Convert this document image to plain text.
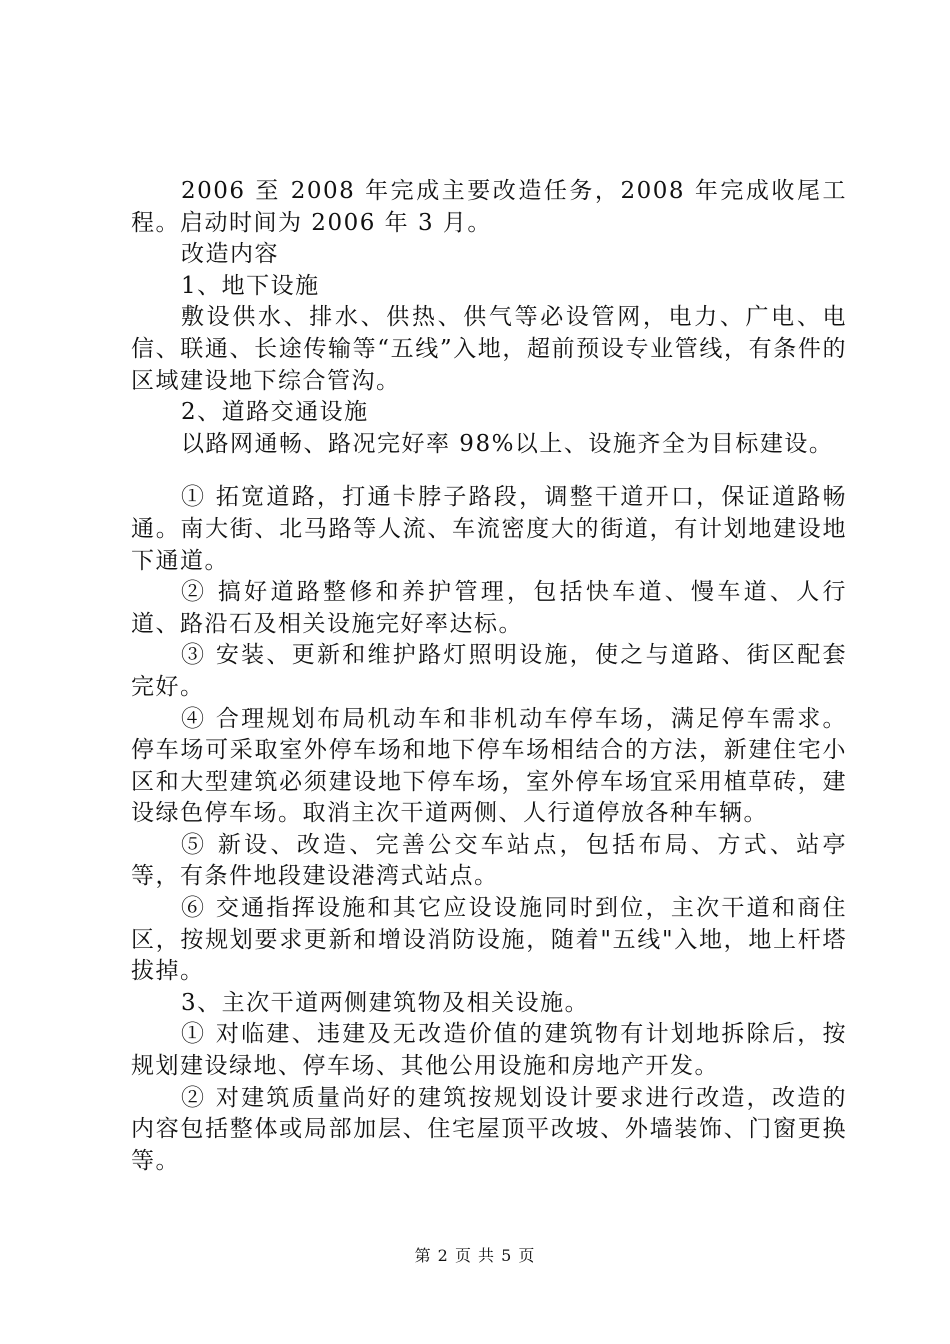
2006 至 2008 年完成主要改造任务，2008 年完成收尾工程。启动时间为 2006 年 3 月。

改造内容

1、地下设施

敷设供水、排水、供热、供气等必设管网，电力、广电、电信、联通、长途传输等“五线”入地，超前预设专业管线，有条件的区域建设地下综合管沟。

2、道路交通设施

以路网通畅、路况完好率 98%以上、设施齐全为目标建设。

① 拓宽道路，打通卡脖子路段，调整干道开口，保证道路畅通。南大街、北马路等人流、车流密度大的街道，有计划地建设地下通道。

② 搞好道路整修和养护管理，包括快车道、慢车道、人行道、路沿石及相关设施完好率达标。

③ 安装、更新和维护路灯照明设施，使之与道路、街区配套完好。

④ 合理规划布局机动车和非机动车停车场，满足停车需求。停车场可采取室外停车场和地下停车场相结合的方法，新建住宅小区和大型建筑必须建设地下停车场，室外停车场宜采用植草砖，建设绿色停车场。取消主次干道两侧、人行道停放各种车辆。

⑤ 新设、改造、完善公交车站点，包括布局、方式、站亭等，有条件地段建设港湾式站点。

⑥ 交通指挥设施和其它应设设施同时到位，主次干道和商住区，按规划要求更新和增设消防设施，随着"五线"入地，地上杆塔拔掉。

3、主次干道两侧建筑物及相关设施。

① 对临建、违建及无改造价值的建筑物有计划地拆除后，按规划建设绿地、停车场、其他公用设施和房地产开发。

② 对建筑质量尚好的建筑按规划设计要求进行改造，改造的内容包括整体或局部加层、住宅屋顶平改坡、外墙装饰、门窗更换等。

第 2 页 共 5 页
